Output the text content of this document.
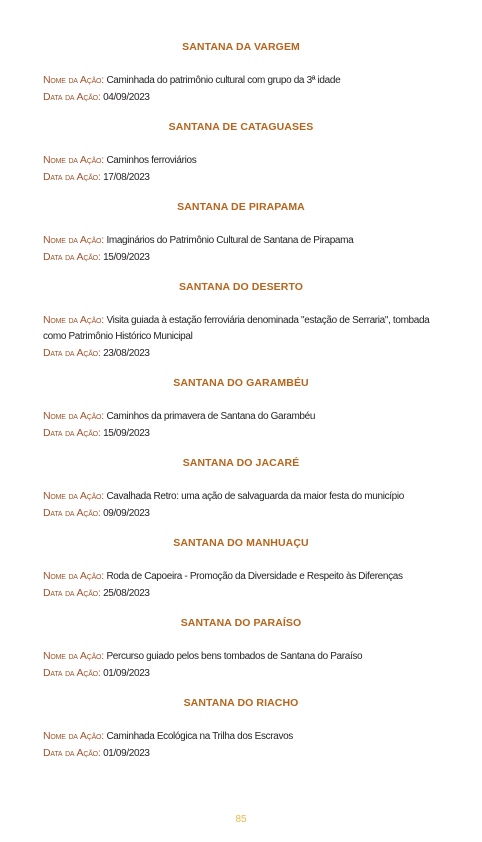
SANTANA DA VARGEM

Nome da Ação: Caminhada do patrimônio cultural com grupo da 3ª idade

Data da Ação: 04/09/2023

SANTANA DE CATAGUASES

Nome da Ação: Caminhos ferroviários

Data da Ação: 17/08/2023

SANTANA DE PIRAPAMA

Nome da Ação: Imaginários do Patrimônio Cultural de Santana de Pirapama

Data da Ação: 15/09/2023

SANTANA DO DESERTO

Nome da Ação: Visita guiada à estação ferroviária denominada "estação de Serraria", tombada como Patrimônio Histórico Municipal

Data da Ação: 23/08/2023

SANTANA DO GARAMBÉU

Nome da Ação: Caminhos da primavera de Santana do Garambéu

Data da Ação: 15/09/2023

SANTANA DO JACARÉ

Nome da Ação: Cavalhada Retro: uma ação de salvaguarda da maior festa do município

Data da Ação: 09/09/2023

SANTANA DO MANHUAÇU

Nome da Ação: Roda de Capoeira - Promoção da Diversidade e Respeito às Diferenças

Data da Ação: 25/08/2023

SANTANA DO PARAÍSO

Nome da Ação: Percurso guiado pelos bens tombados de Santana do Paraíso

Data da Ação: 01/09/2023

SANTANA DO RIACHO

Nome da Ação: Caminhada Ecológica na Trilha dos Escravos

Data da Ação: 01/09/2023

85
